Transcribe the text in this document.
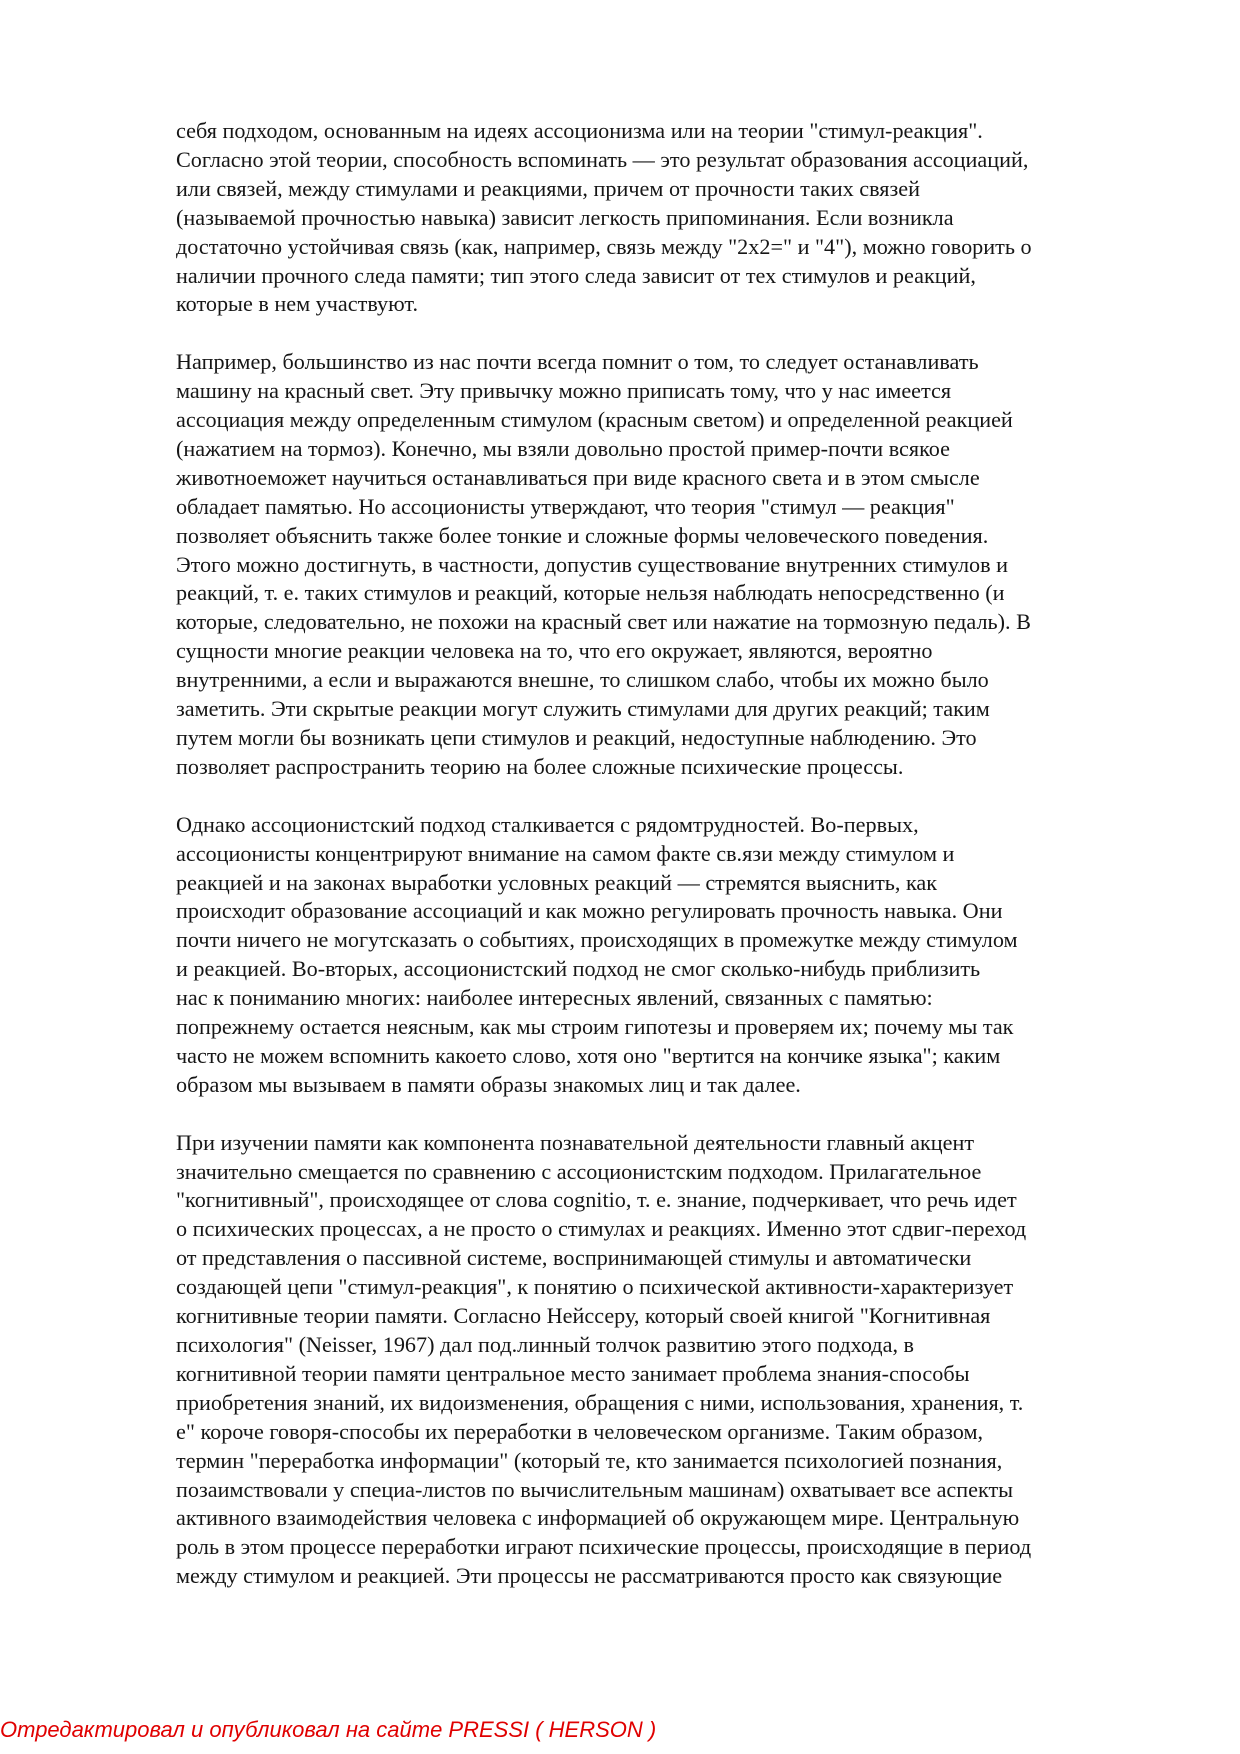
себя подходом, основанным на идеях ассоционизма или на теории "стимул-реакция".
Согласно этой теории, способность вспоминать — это результат образования ассоциаций,
или связей, между стимулами и реакциями, причем от прочности таких связей
(называемой прочностью навыка) зависит легкость припоминания. Если возникла
достаточно устойчивая связь (как, например, связь между "2x2=" и "4"), можно говорить о
наличии прочного следа памяти; тип этого следа зависит от тех стимулов и реакций,
которые в нем участвуют.

Например, большинство из нас почти всегда помнит о том, то следует останавливать
машину на красный свет. Эту привычку можно приписать тому, что у нас имеется
ассоциация между определенным стимулом (красным светом) и определенной реакцией
(нажатием на тормоз). Конечно, мы взяли довольно простой пример-почти всякое
животноеможет научиться останавливаться при виде красного света и в этом смысле
обладает памятью. Но ассоционисты утверждают, что теория "стимул — реакция"
позволяет объяснить также более тонкие и сложные формы человеческого поведения.
Этого можно достигнуть, в частности, допустив существование внутренних стимулов и
реакций, т. е. таких стимулов и реакций, которые нельзя наблюдать непосредственно (и
которые, следовательно, не похожи на красный свет или нажатие на тормозную педаль). В
сущности многие реакции человека на то, что его окружает, являются, вероятно
внутренними, а если и выражаются внешне, то слишком слабо, чтобы их можно было
заметить. Эти скрытые реакции могут служить стимулами для других реакций; таким
путем могли бы возникать цепи стимулов и реакций, недоступные наблюдению. Это
позволяет распространить теорию на более сложные психические процессы.

Однако ассоционистский подход сталкивается с рядомтрудностей. Во-первых,
ассоционисты концентрируют внимание на самом факте св.язи между стимулом и
реакцией и на законах выработки условных реакций — стремятся выяснить, как
происходит образование ассоциаций и как можно регулировать прочность навыка. Они
почти ничего не могутсказать о событиях, происходящих в промежутке между стимулом
и реакцией. Во-вторых, ассоционистский подход не смог сколько-нибудь приблизить
нас к пониманию многих: наиболее интересных явлений, связанных с памятью:
попрежнему остается неясным, как мы строим гипотезы и проверяем их; почему мы так
часто не можем вспомнить какоето слово, хотя оно "вертится на кончике языка"; каким
образом мы вызываем в памяти образы знакомых лиц и так далее.

При изучении памяти как компонента познавательной деятельности главный акцент
значительно смещается по сравнению с ассоционистским подходом. Прилагательное
"когнитивный", происходящее от слова cognitio, т. е. знание, подчеркивает, что речь идет
о психических процессах, а не просто о стимулах и реакциях. Именно этот сдвиг-переход
от представления о пассивной системе, воспринимающей стимулы и автоматически
создающей цепи "стимул-реакция", к понятию о психической активности-характеризует
когнитивные теории памяти. Согласно Нейссеру, который своей книгой "Когнитивная
психология" (Neisser, 1967) дал под.линный толчок развитию этого подхода, в
когнитивной теории памяти центральное место занимает проблема знания-способы
приобретения знаний, их видоизменения, обращения с ними, использования, хранения, т.
е" короче говоря-способы их переработки в человеческом организме. Таким образом,
термин "переработка информации" (который те, кто занимается психологией познания,
позаимствовали у специа-листов по вычислительным машинам) охватывает все аспекты
активного взаимодействия человека с информацией об окружающем мире. Центральную
роль в этом процессе переработки играют психические процессы, происходящие в период
между стимулом и реакцией. Эти процессы не рассматриваются просто как связующие

Отредактировал и опубликовал на сайте PRESSI ( HERSON )
